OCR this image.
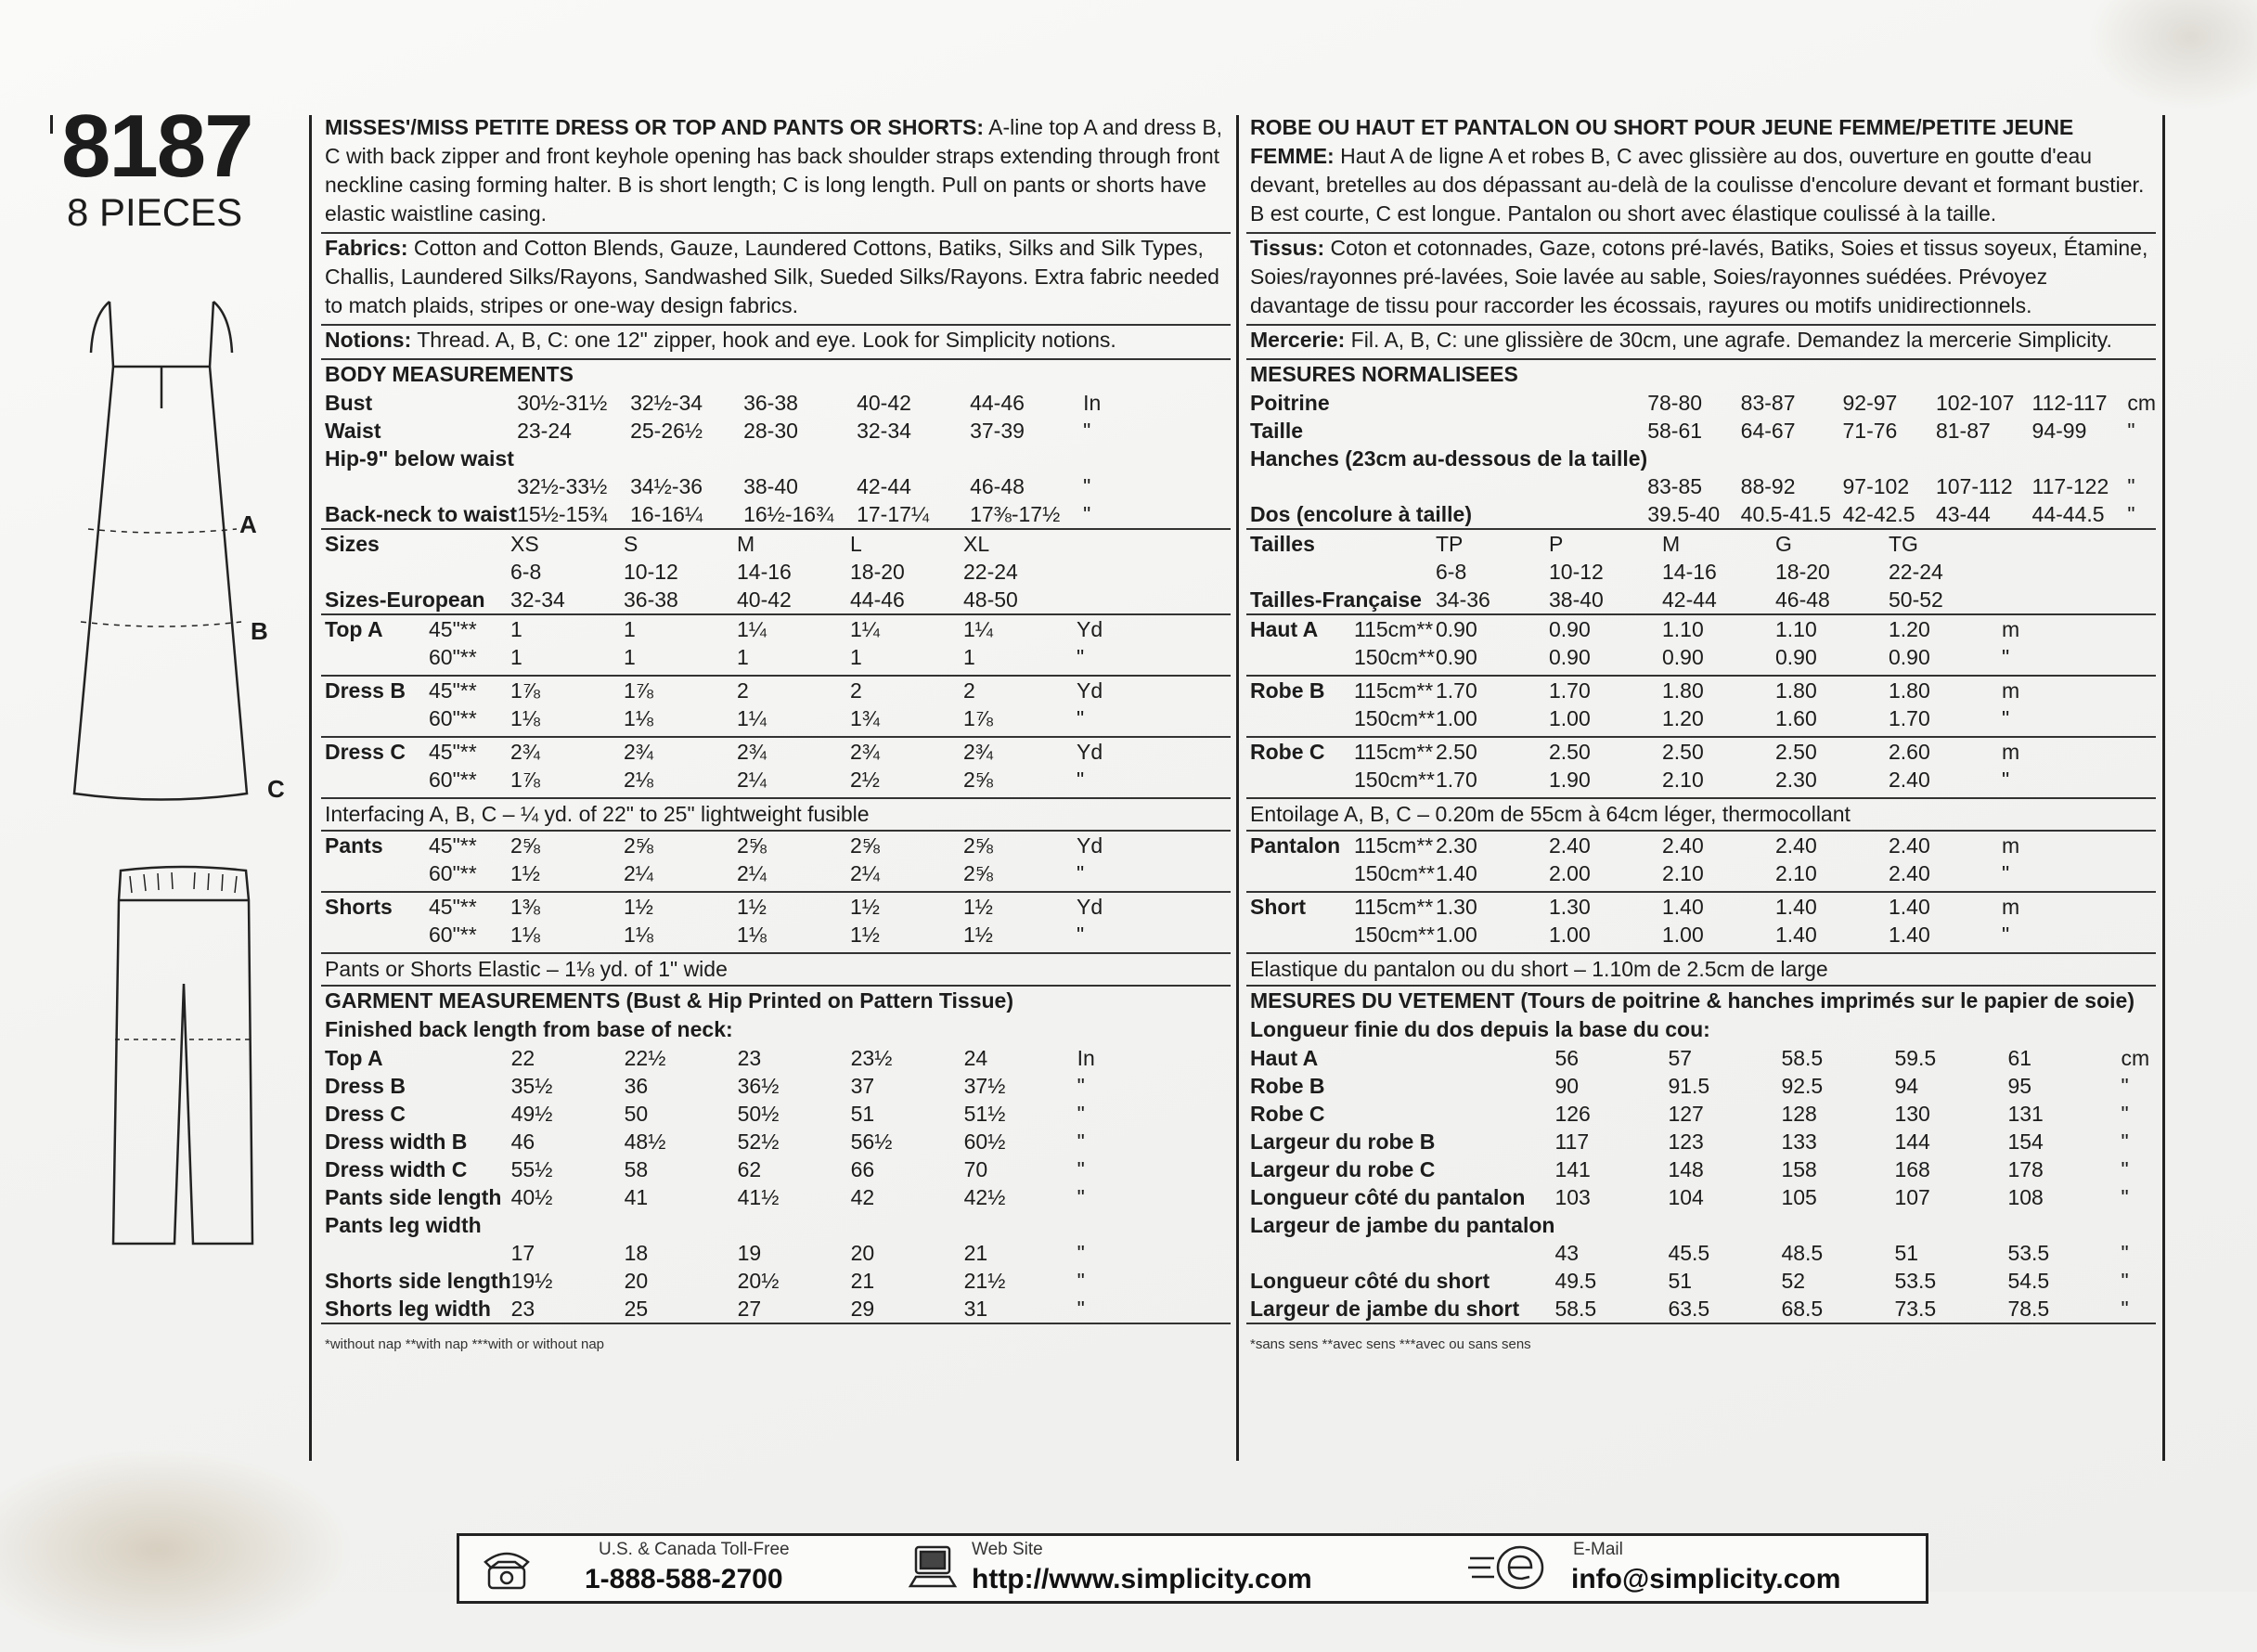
8187
8 PIECES
A
B
C

MISSES'/MISS PETITE DRESS OR TOP AND PANTS OR SHORTS: A-line top A and dress B, C with back zipper and front keyhole opening has back shoulder straps extending through front neckline casing forming halter. B is short length; C is long length. Pull on pants or shorts have elastic waistline casing.

Fabrics: Cotton and Cotton Blends, Gauze, Laundered Cottons, Batiks, Silks and Silk Types, Challis, Laundered Silks/Rayons, Sandwashed Silk, Sueded Silks/Rayons. Extra fabric needed to match plaids, stripes or one-way design fabrics.

Notions: Thread. A, B, C: one 12" zipper, hook and eye. Look for Simplicity notions.

BODY MEASUREMENTS
Bust	30½-31½	32½-34	36-38	40-42	44-46	In
Waist	23-24	25-26½	28-30	32-34	37-39	"
Hip-9" below waist						
	32½-33½	34½-36	38-40	42-44	46-48	"
Back-neck to waist	15½-15¾	16-16¼	16½-16¾	17-17¼	17⅜-17½	"
Sizes	XS	S	M	L	XL	
	6-8	10-12	14-16	18-20	22-24	
Sizes-European	32-34	36-38	40-42	44-46	48-50	
Top A	45"**	1	1	1¼	1¼	1¼	Yd
	60"**	1	1	1	1	1	"
Dress B	45"**	1⅞	1⅞	2	2	2	Yd
	60"**	1⅛	1⅛	1¼	1¾	1⅞	"
Dress C	45"**	2¾	2¾	2¾	2¾	2¾	Yd
	60"**	1⅞	2⅛	2¼	2½	2⅝	"
Interfacing A, B, C – ¼ yd. of 22" to 25" lightweight fusible
Pants	45"**	2⅝	2⅝	2⅝	2⅝	2⅝	Yd
	60"**	1½	2¼	2¼	2¼	2⅝	"
Shorts	45"**	1⅜	1½	1½	1½	1½	Yd
	60"**	1⅛	1⅛	1⅛	1½	1½	"
Pants or Shorts Elastic – 1⅛ yd. of 1" wide
GARMENT MEASUREMENTS (Bust & Hip Printed on Pattern Tissue)
Finished back length from base of neck:
Top A	22	22½	23	23½	24	In
Dress B	35½	36	36½	37	37½	"
Dress C	49½	50	50½	51	51½	"
Dress width B	46	48½	52½	56½	60½	"
Dress width C	55½	58	62	66	70	"
Pants side length	40½	41	41½	42	42½	"
Pants leg width						
	17	18	19	20	21	"
Shorts side length	19½	20	20½	21	21½	"
Shorts leg width	23	25	27	29	31	"
*without nap **with nap ***with or without nap

ROBE OU HAUT ET PANTALON OU SHORT POUR JEUNE FEMME/PETITE JEUNE FEMME: Haut A de ligne A et robes B, C avec glissière au dos, ouverture en goutte d'eau devant, bretelles au dos dépassant au-delà de la coulisse d'encolure devant et formant bustier. B est courte, C est longue. Pantalon ou short avec élastique coulissé à la taille.

Tissus: Coton et cotonnades, Gaze, cotons pré-lavés, Batiks, Soies et tissus soyeux, Étamine, Soies/rayonnes pré-lavées, Soie lavée au sable, Soies/rayonnes suédées. Prévoyez davantage de tissu pour raccorder les écossais, rayures ou motifs unidirectionnels.

Mercerie: Fil. A, B, C: une glissière de 30cm, une agrafe. Demandez la mercerie Simplicity.

MESURES NORMALISEES
Poitrine	78-80	83-87	92-97	102-107	112-117	cm
Taille	58-61	64-67	71-76	81-87	94-99	"
Hanches (23cm au-dessous de la taille)						
	83-85	88-92	97-102	107-112	117-122	"
Dos (encolure à taille)	39.5-40	40.5-41.5	42-42.5	43-44	44-44.5	"
Tailles	TP	P	M	G	TG	
	6-8	10-12	14-16	18-20	22-24	
Tailles-Française	34-36	38-40	42-44	46-48	50-52	
Haut A	115cm**	0.90	0.90	1.10	1.10	1.20	m
	150cm**	0.90	0.90	0.90	0.90	0.90	"
Robe B	115cm**	1.70	1.70	1.80	1.80	1.80	m
	150cm**	1.00	1.00	1.20	1.60	1.70	"
Robe C	115cm**	2.50	2.50	2.50	2.50	2.60	m
	150cm**	1.70	1.90	2.10	2.30	2.40	"
Entoilage A, B, C – 0.20m de 55cm à 64cm léger, thermocollant
Pantalon	115cm**	2.30	2.40	2.40	2.40	2.40	m
	150cm**	1.40	2.00	2.10	2.10	2.40	"
Short	115cm**	1.30	1.30	1.40	1.40	1.40	m
	150cm**	1.00	1.00	1.00	1.40	1.40	"
Elastique du pantalon ou du short – 1.10m de 2.5cm de large
MESURES DU VETEMENT (Tours de poitrine & hanches imprimés sur le papier de soie)
Longueur finie du dos depuis la base du cou:
Haut A	56	57	58.5	59.5	61	cm
Robe B	90	91.5	92.5	94	95	"
Robe C	126	127	128	130	131	"
Largeur du robe B	117	123	133	144	154	"
Largeur du robe C	141	148	158	168	178	"
Longueur côté du pantalon	103	104	105	107	108	"
Largeur de jambe du pantalon						
	43	45.5	48.5	51	53.5	"
Longueur côté du short	49.5	51	52	53.5	54.5	"
Largeur de jambe du short	58.5	63.5	68.5	73.5	78.5	"
*sans sens **avec sens ***avec ou sans sens
U.S. & Canada Toll-Free
1-888-588-2700
Web Site
http://www.simplicity.com
E-Mail
info@simplicity.com
